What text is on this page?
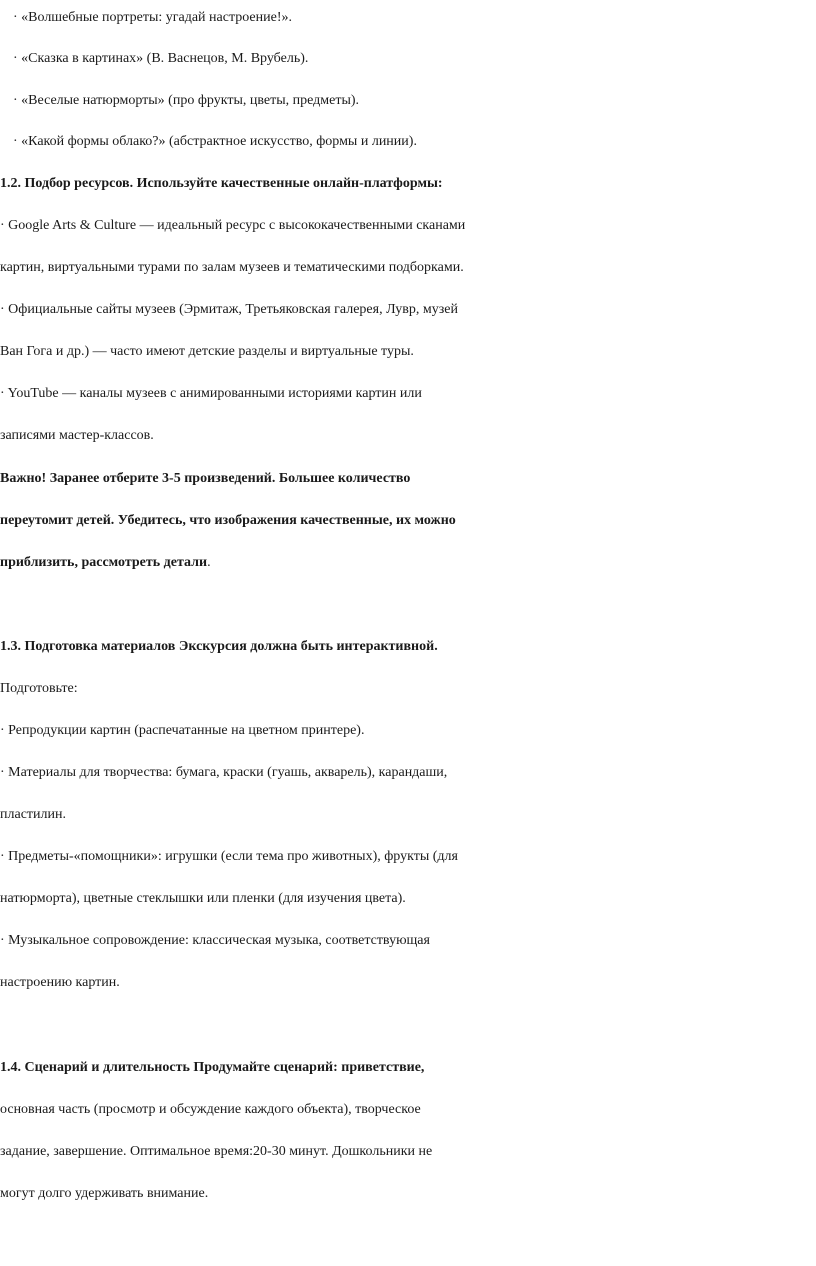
· «Волшебные портреты: угадай настроение!».

· «Сказка в картинах» (В. Васнецов, М. Врубель).

· «Веселые натюрморты» (про фрукты, цветы, предметы).

· «Какой формы облако?» (абстрактное искусство, формы и линии).

1.2. Подбор ресурсов. Используйте качественные онлайн-платформы:

· Google Arts & Culture — идеальный ресурс с высококачественными сканами

картин, виртуальными турами по залам музеев и тематическими подборками.

· Официальные сайты музеев (Эрмитаж, Третьяковская галерея, Лувр, музей

Ван Гога и др.) — часто имеют детские разделы и виртуальные туры.

· YouTube — каналы музеев с анимированными историями картин или

записями мастер-классов.

Важно! Заранее отберите 3-5 произведений. Большее количество

переутомит детей. Убедитесь, что изображения качественные, их можно

приблизить, рассмотреть детали.

1.3. Подготовка материалов Экскурсия должна быть интерактивной.

Подготовьте:

· Репродукции картин (распечатанные на цветном принтере).

· Материалы для творчества: бумага, краски (гуашь, акварель), карандаши,

пластилин.

· Предметы-«помощники»: игрушки (если тема про животных), фрукты (для

натюрморта), цветные стеклышки или пленки (для изучения цвета).

· Музыкальное сопровождение: классическая музыка, соответствующая

настроению картин.

1.4. Сценарий и длительность Продумайте сценарий: приветствие,

основная часть (просмотр и обсуждение каждого объекта), творческое

задание, завершение. Оптимальное время:20-30 минут. Дошкольники не

могут долго удерживать внимание.
